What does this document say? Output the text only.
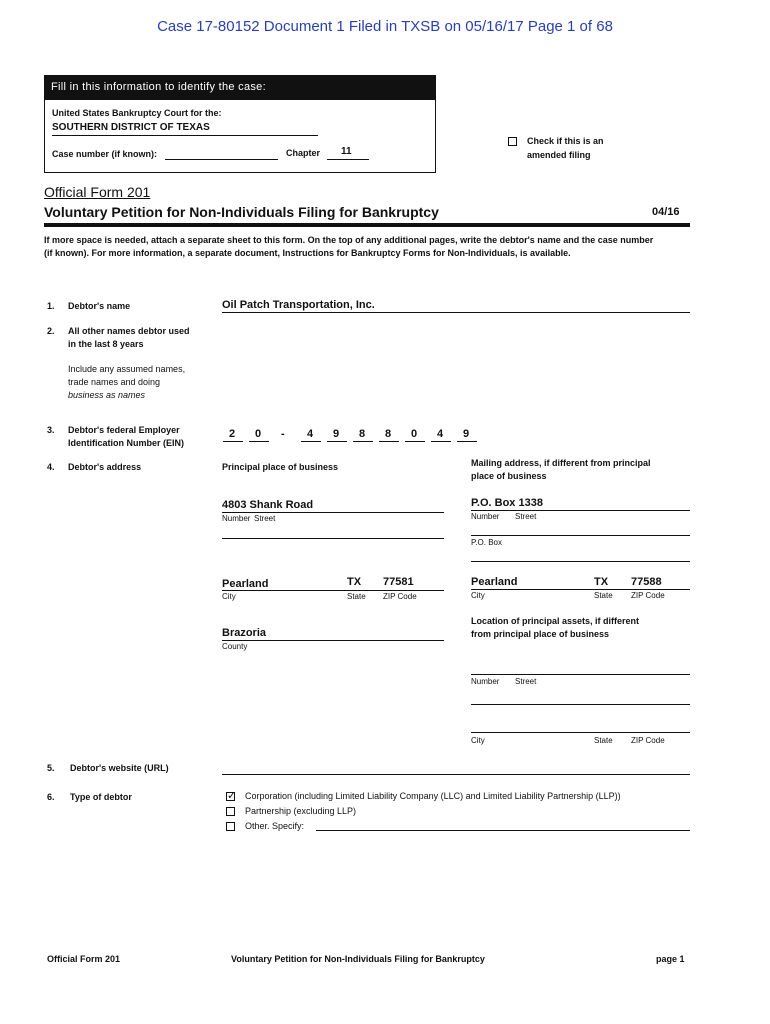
Case 17-80152 Document 1 Filed in TXSB on 05/16/17 Page 1 of 68
Fill in this information to identify the case:
United States Bankruptcy Court for the:
SOUTHERN DISTRICT OF TEXAS
Case number (if known):	Chapter 11
Check if this is an
amended filing
Official Form 201
Voluntary Petition for Non-Individuals Filing for Bankruptcy	04/16
If more space is needed, attach a separate sheet to this form. On the top of any additional pages, write the debtor's name and the case number (if known). For more information, a separate document, Instructions for Bankruptcy Forms for Non-Individuals, is available.
1. Debtor's name	Oil Patch Transportation, Inc.
2. All other names debtor used
in the last 8 years
Include any assumed names,
trade names and doing
business as names
3. Debtor's federal Employer
Identification Number (EIN)
2 0 - 4 9 8 8 0 4 9
4. Debtor's address	Principal place of business	Mailing address, if different from principal
place of business
4803 Shank Road
Number Street
P.O. Box 1338
Number Street
P.O. Box
Pearland	TX 77581
City	State ZIP Code
Pearland	TX 77588
City	State ZIP Code
Brazoria
County
Location of principal assets, if different
from principal place of business
Number Street
City	State ZIP Code
5. Debtor's website (URL)
6. Type of debtor
✓	Corporation (including Limited Liability Company (LLC) and Limited Liability Partnership (LLP))
Partnership (excluding LLP)
Other. Specify:
Official Form 201	Voluntary Petition for Non-Individuals Filing for Bankruptcy	page 1
